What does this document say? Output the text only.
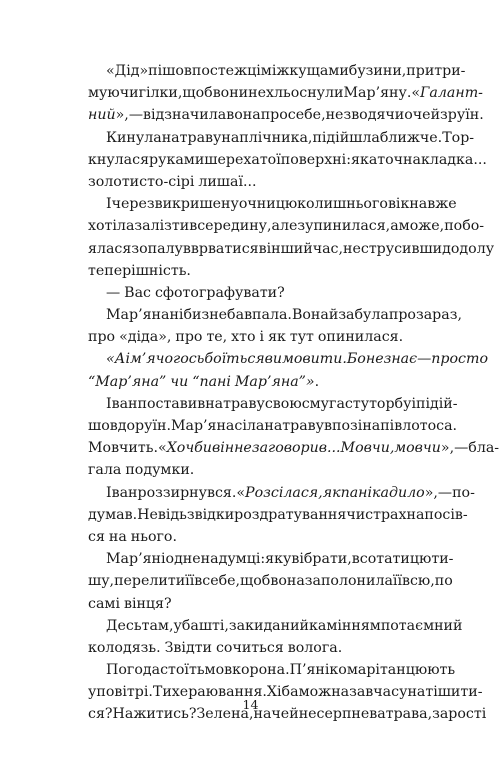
«Дід» пішов по стежці між кущами бузини, притри-
муючи гілки, щоб вони не хльоснули Мар’яну. «Галант-
ний», — відзначила вона про себе, не зводячи очей з руїн.
Кинула на траву наплічника, підійшла ближче. Тор-
кнулася руками шерехатої поверхні: яка точна кладка...
золотисто-сірі лишаї...
І через викришену очницю колишнього вікна вже
хотіла залізти всередину, але зупинилася, а може, побо-
ялася зопалу вврватися в інший час, не струсивши додолу
теперішність.
— Вас сфотографувати?
Мар’яна ніби з неба впала. Вона й забула про зараз,
про «діда», про те, хто і як тут опинилася.
«А ім’я чогось боїться вимовити. Бо не знає — просто
“Мар’яна” чи “пані Мар’яна”».
Іван поставив на траву свою смугасту торбу і підій-
шов до руїн. Мар’яна сіла на траву в позі напівлотоса.
Мовчить. «Хоч би він не заговорив... Мовчи, мовчи», — бла-
гала подумки.
Іван роззирнувся. «Розсілася, як панікадило», — по-
думав. Невідь звідки роздратування чи страх напосів-
ся на нього.
Мар’яні одне на думці: як увібрати, всотати цю ти-
шу, перелити її в себе, щоб вона заполонила її всю, по
самі вінця?
Десь там, у башті, закиданий камінням потаємний
колодязь. Звідти сочиться волога.
Погода стоїть мов корона. П’яні комарі танцюють
у повітрі. Тихе раювання. Хіба можна завчасу натішити-
ся? Нажитись? Зелена, наче й не серпнева трава, зарості
14
